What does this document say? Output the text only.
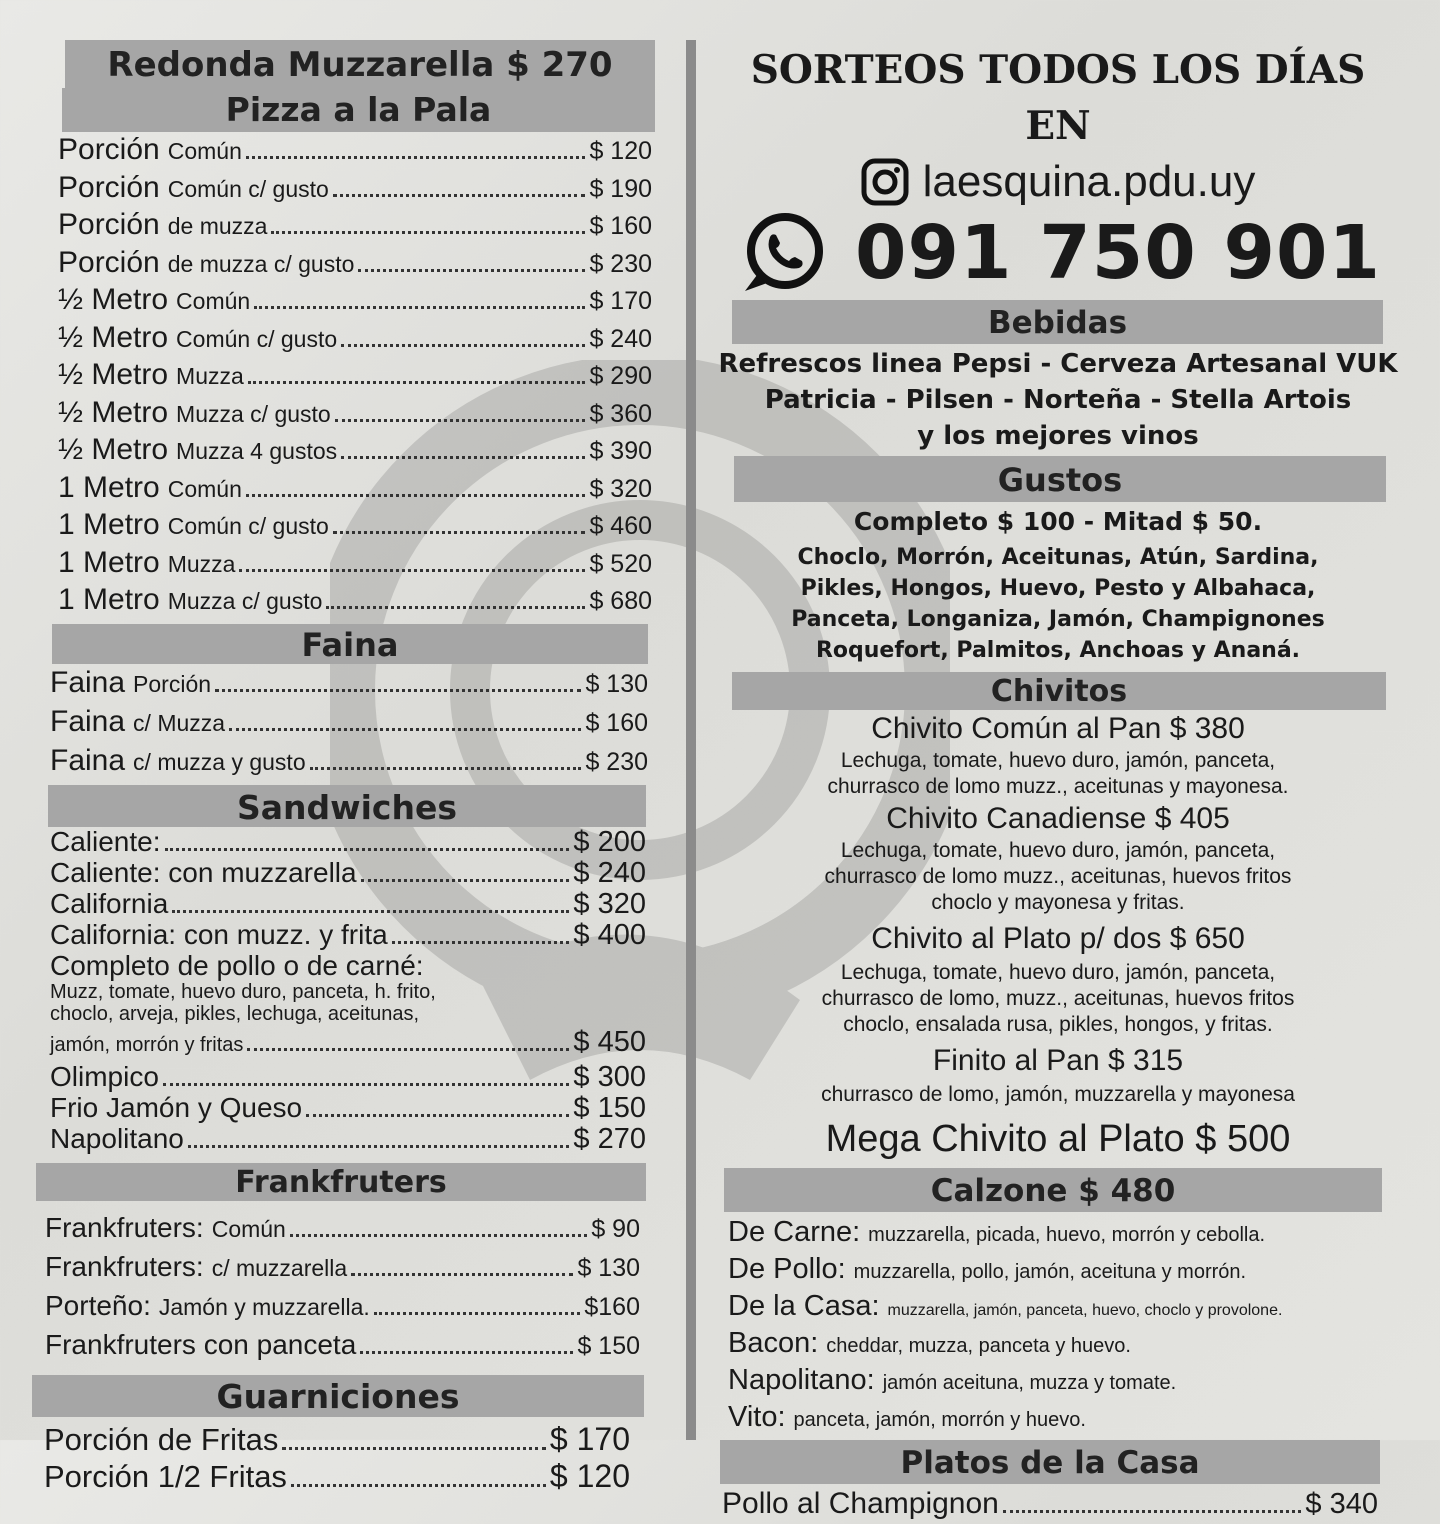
Redonda Muzzarella $ 270
Pizza a la Pala
Porción Común	$ 120
Porción Común c/ gusto	$ 190
Porción de muzza	$ 160
Porción de muzza c/ gusto	$ 230
½ Metro Común	$ 170
½ Metro Común c/ gusto	$ 240
½ Metro Muzza	$ 290
½ Metro Muzza c/ gusto	$ 360
½ Metro Muzza 4 gustos	$ 390
1 Metro Común	$ 320
1 Metro Común c/ gusto	$ 460
1 Metro Muzza	$ 520
1 Metro Muzza c/ gusto	$ 680
Faina
Faina Porción	$ 130
Faina c/ Muzza	$ 160
Faina c/ muzza y gusto	$ 230
Sandwiches
Caliente:	$ 200
Caliente: con muzzarella	$ 240
California	$ 320
California: con muzz. y frita	$ 400
Completo de pollo o de carné:
Muzz, tomate, huevo duro, panceta, h. frito,
choclo, arveja, pikles, lechuga, aceitunas,
jamón, morrón y fritas	$ 450
Olimpico	$ 300
Frio Jamón y Queso	$ 150
Napolitano	$ 270
Frankfruters
Frankfruters: Común	$ 90
Frankfruters: c/ muzzarella	$ 130
Porteño: Jamón y muzzarella.	$160
Frankfruters con panceta	$ 150
Guarniciones
Porción de Fritas	$ 170
Porción 1/2 Fritas	$ 120
SORTEOS TODOS LOS DÍAS EN
laesquina.pdu.uy
091 750 901
Bebidas
Refrescos linea Pepsi - Cerveza Artesanal VUK
Patricia - Pilsen - Norteña - Stella Artois
y los mejores vinos
Gustos
Completo $ 100 - Mitad $ 50.
Choclo, Morrón, Aceitunas, Atún, Sardina,
Pikles, Hongos, Huevo, Pesto y Albahaca,
Panceta, Longaniza, Jamón, Champignones
Roquefort, Palmitos, Anchoas y Ananá.
Chivitos
Chivito Común al Pan $ 380
Lechuga, tomate, huevo duro, jamón, panceta,
churrasco de lomo muzz., aceitunas y mayonesa.
Chivito Canadiense $ 405
Lechuga, tomate, huevo duro, jamón, panceta,
churrasco de lomo muzz., aceitunas, huevos fritos
choclo y mayonesa y fritas.
Chivito al Plato p/ dos $ 650
Lechuga, tomate, huevo duro, jamón, panceta,
churrasco de lomo, muzz., aceitunas, huevos fritos
choclo, ensalada rusa, pikles, hongos, y fritas.
Finito al Pan $ 315
churrasco de lomo, jamón, muzzarella y mayonesa
Mega Chivito al Plato $ 500
Calzone $ 480
De Carne: muzzarella, picada, huevo, morrón y cebolla.
De Pollo: muzzarella, pollo, jamón, aceituna y morrón.
De la Casa: muzzarella, jamón, panceta, huevo, choclo y provolone.
Bacon: cheddar, muzza, panceta y huevo.
Napolitano: jamón aceituna, muzza y tomate.
Vito: panceta, jamón, morrón y huevo.
Platos de la Casa
Pollo al Champignon	$ 340
